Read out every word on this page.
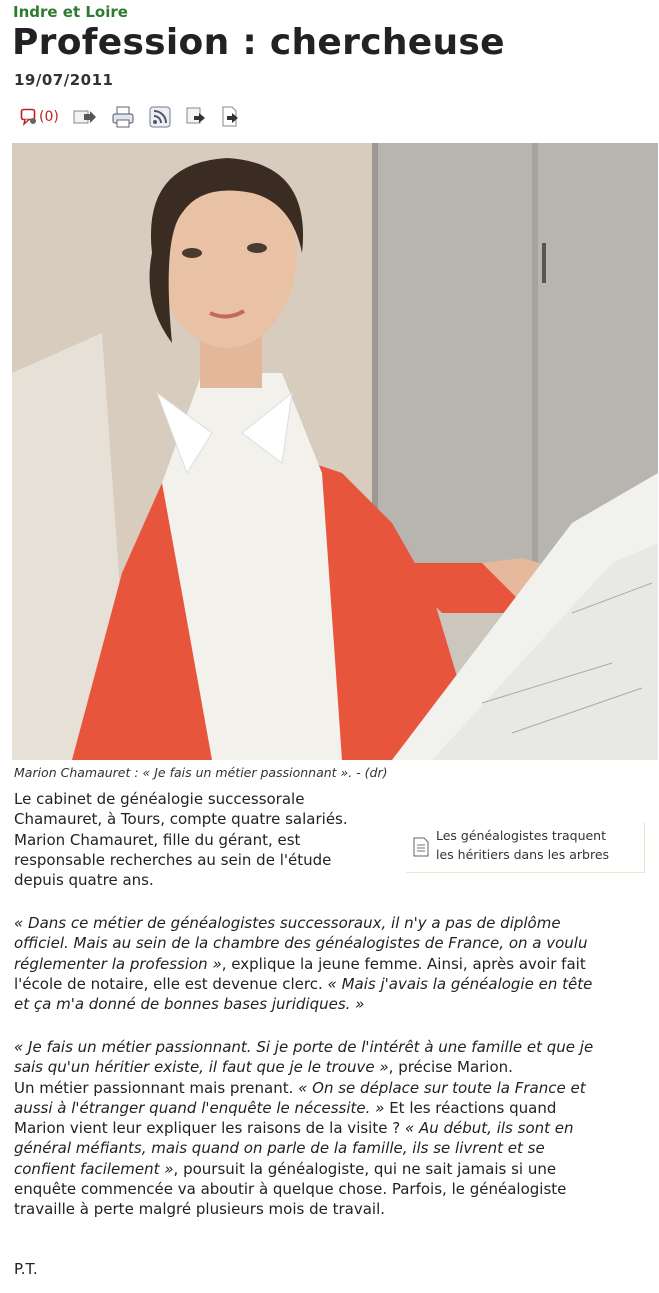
Indre et Loire
Profession : chercheuse
19/07/2011
(0)
Marion Chamauret : « Je fais un métier passionnant ». - (dr)
Le cabinet de généalogie successorale
Chamauret, à Tours, compte quatre salariés.
Marion Chamauret, fille du gérant, est
responsable recherches au sein de l'étude
depuis quatre ans.
Les généalogistes traquent
les héritiers dans les arbres
« Dans ce métier de généalogistes successoraux, il n'y a pas de diplôme
officiel. Mais au sein de la chambre des généalogistes de France, on a voulu
réglementer la profession », explique la jeune femme. Ainsi, après avoir fait
l'école de notaire, elle est devenue clerc. « Mais j'avais la généalogie en tête
et ça m'a donné de bonnes bases juridiques. »
« Je fais un métier passionnant. Si je porte de l'intérêt à une famille et que je
sais qu'un héritier existe, il faut que je le trouve », précise Marion.
Un métier passionnant mais prenant. « On se déplace sur toute la France et
aussi à l'étranger quand l'enquête le nécessite. » Et les réactions quand
Marion vient leur expliquer les raisons de la visite ? « Au début, ils sont en
général méfiants, mais quand on parle de la famille, ils se livrent et se
confient facilement », poursuit la généalogiste, qui ne sait jamais si une
enquête commencée va aboutir à quelque chose. Parfois, le généalogiste
travaille à perte malgré plusieurs mois de travail.
P.T.
